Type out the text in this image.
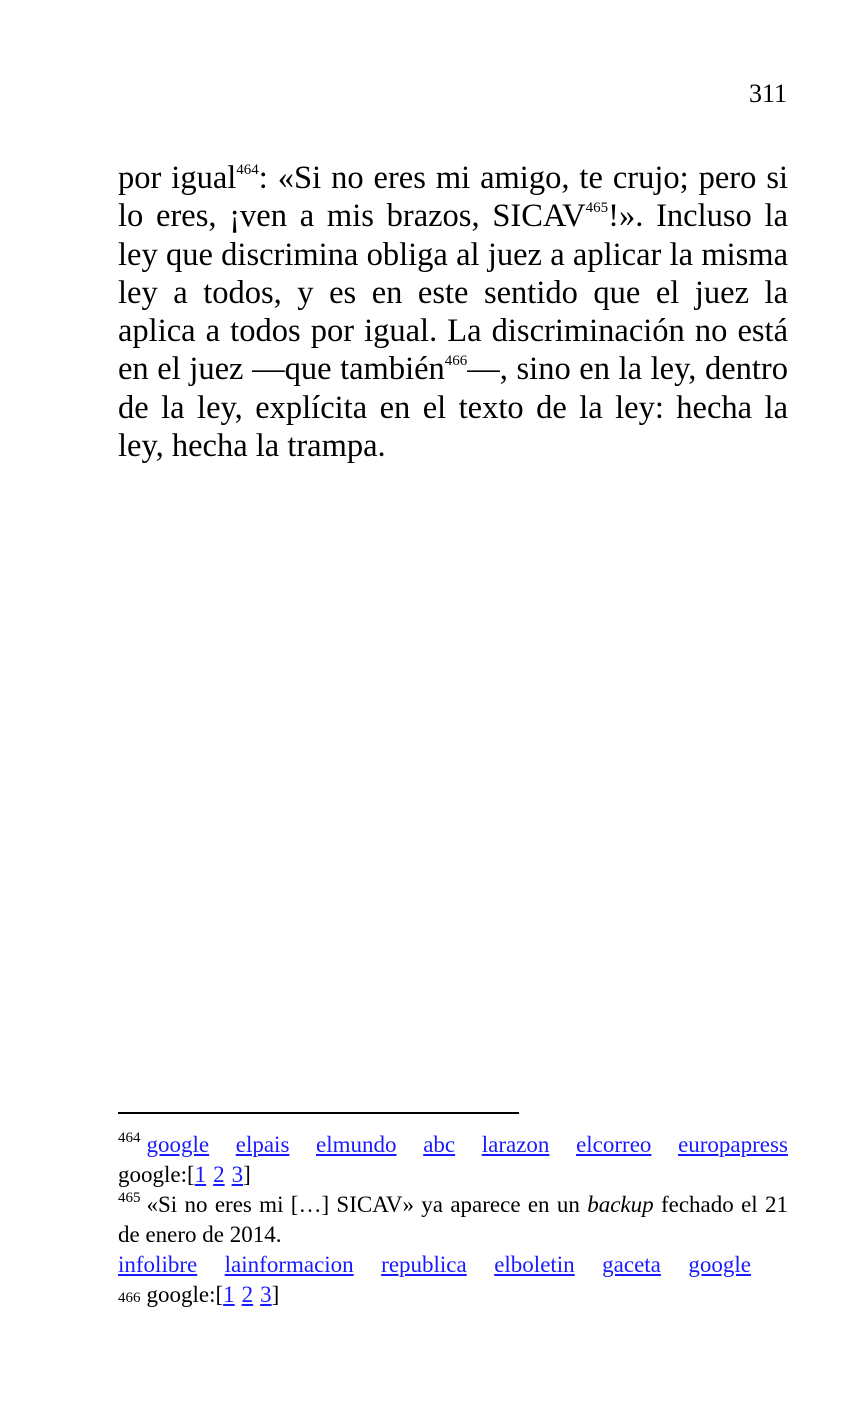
311
por igual$^{464}$: «Si no eres mi amigo, te crujo; pero si lo eres, ¡ven a mis brazos, SICAV$^{465}$!». Incluso la ley que discrimina obliga al juez a aplicar la misma ley a todos, y es en este sentido que el juez la aplica a todos por igual. La discriminación no está en el juez —que también$^{466}$—, sino en la ley, dentro de la ley, explícita en el texto de la ley: hecha la ley, hecha la trampa.
$^{464}$ google elpais elmundo abc larazon elcorreo europapress
google:[ 1 2 3 ]
$^{465}$ «Si no eres mi […] SICAV» ya aparece en un backup fechado el 21 de enero de 2014.
infolibre lainformacion republica elboletin gaceta google
466 google:[ 1 2 3 ]
